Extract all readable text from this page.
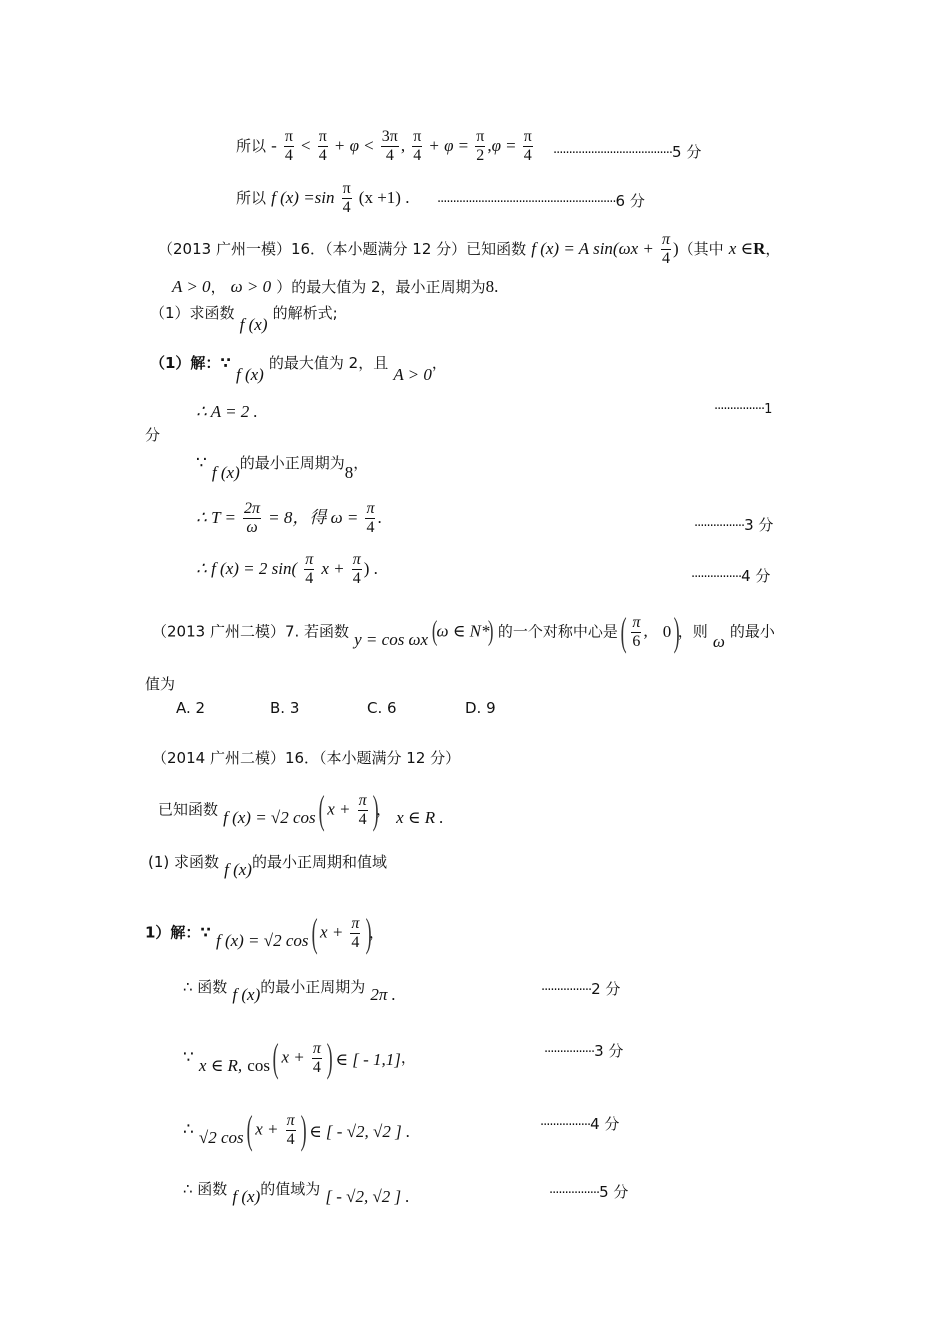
所以 - $\frac{\pi}{4} < \frac{\pi}{4} + \varphi < \frac{3\pi}{4}$ , $\frac{\pi}{4} + \varphi = \frac{\pi}{2} ,\varphi = \frac{\pi}{4} \cdot\cdot\cdot\cdot\cdot\cdot\cdot\cdot\cdot\cdot\cdot\cdot\cdot\cdot\cdot\cdot\cdot\cdot\cdot\cdot\cdot\cdot\cdot\cdot\cdot\cdot\cdot\cdot\cdot\cdot\cdot\cdot\cdot\cdot\cdot\cdot\cdot\cdot 5$ 分
所以 f $(x) =\sin \frac{\pi}{4} (x +1)$ . ·························································6 分
（2013 广州一模）16．（本小题满分 12 分）已知函数 f (x) = A $\sin(\omega x + \frac{\pi}{4}$ )（其中 x ∈R，
A > 0， ω > 0 ）的最大值为 2，最小正周期为8.
（1）求函数 f (x) 的解析式;
（1）解：∵ f (x) 的最大值为 2，且 A > 0，
∴ A = 2 .	················1
分
∵ f (x)的最小正周期为8，
∴ $T = \frac{2\pi}{\omega} = 8$，得 $\omega = \frac{\pi}{4}$ .	················3 分
∴ f (x) = 2 $\sin( \frac{\pi}{4}$ $x + \frac{\pi}{4}$ ) .	················4 分
（2013 广州二模）7. 若函数 y = cos ωx (ω ∈ N*) 的一个对称中心是 ( $\frac{\pi}{6}$ , 0 )，则 ω 的最小
值为
A. 2	B. 3	C. 6	D. 9
（2014 广州二模）16．（本小题满分 12 分）
已知函数 f (x) = √2 cos ( $x + \frac{\pi}{4}$ )， x ∈ R .
(1) 求函数 f (x)的最小正周期和值域
1）解：∵ f (x) = √2 cos ( $x + \frac{\pi}{4}$ )，
∴ 函数 f (x)的最小正周期为 2π .	················2 分
∵ x ∈ R, cos ( $x + \frac{\pi}{4}$ ) ∈ [ - 1,1]，	················3 分
∴ √2 cos ( $x + \frac{\pi}{4}$ ) ∈ [ - √2, √2 ] .	················4 分
∴ 函数 f (x)的值域为 [ - √2, √2 ] .	················5 分
